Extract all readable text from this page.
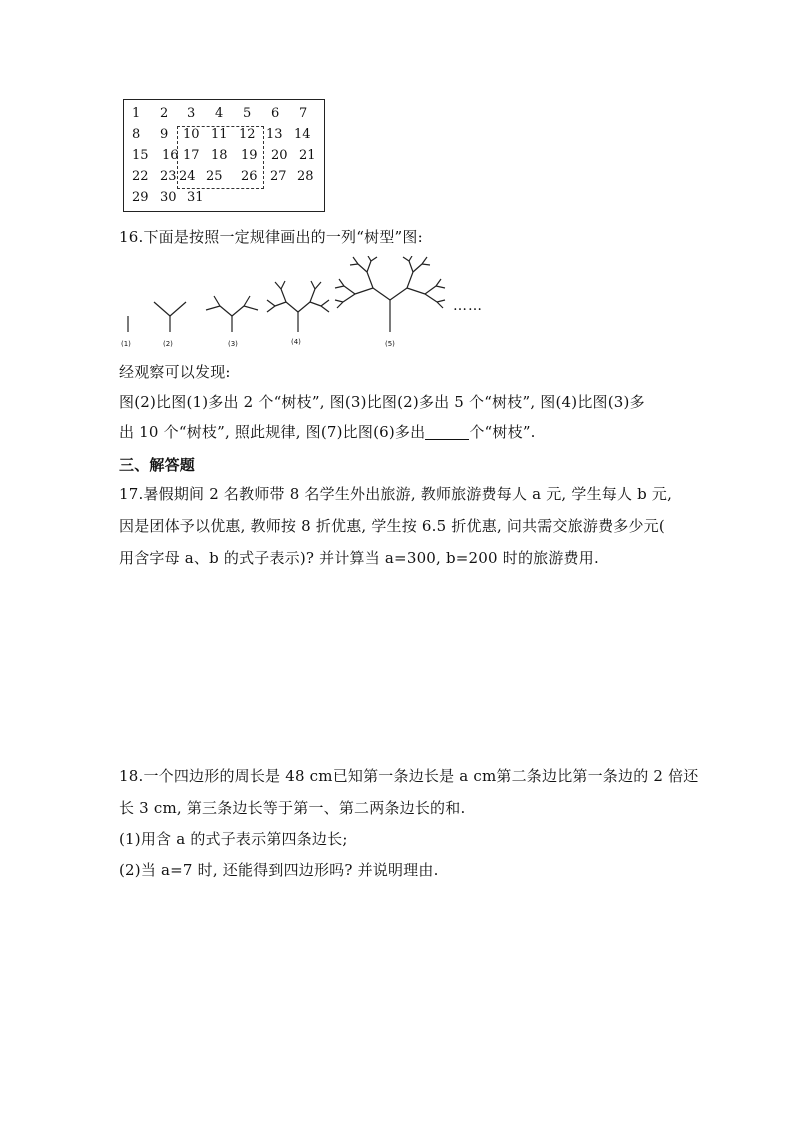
1 2 3 4 5 6 7
8 9 10 11 12 13 14
15 16 17 18 19 20 21
22 23 24 25 26 27 28
29 30 31
16.下面是按照一定规律画出的一列“树型”图:
……
(1)	(2)	(3)	(4)	(5)
经观察可以发现:
图(2)比图(1)多出 2 个“树枝”, 图(3)比图(2)多出 5 个“树枝”, 图(4)比图(3)多
出 10 个“树枝”, 照此规律, 图(7)比图(6)多出	个“树枝”.
三、解答题
17.暑假期间 2 名教师带 8 名学生外出旅游, 教师旅游费每人 a 元, 学生每人 b 元,
因是团体予以优惠, 教师按 8 折优惠, 学生按 6.5 折优惠, 问共需交旅游费多少元(
用含字母 a、b 的式子表示)? 并计算当 a=300, b=200 时的旅游费用.
18.一个四边形的周长是 48 cm已知第一条边长是 a cm第二条边比第一条边的 2 倍还
长 3 cm, 第三条边长等于第一、第二两条边长的和.
(1)用含 a 的式子表示第四条边长;
(2)当 a=7 时, 还能得到四边形吗? 并说明理由.
